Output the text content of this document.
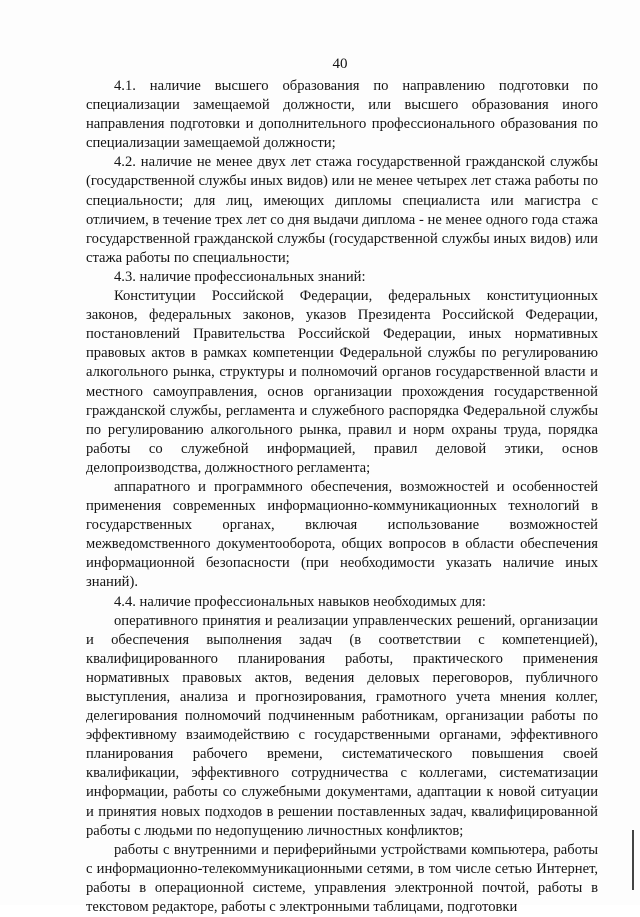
40

4.1. наличие высшего образования по направлению подготовки по специализации замещаемой должности, или высшего образования иного направления подготовки и дополнительного профессионального образования по специализации замещаемой должности;

4.2. наличие не менее двух лет стажа государственной гражданской службы (государственной службы иных видов) или не менее четырех лет стажа работы по специальности; для лиц, имеющих дипломы специалиста или магистра с отличием, в течение трех лет со дня выдачи диплома - не менее одного года стажа государственной гражданской службы (государственной службы иных видов) или стажа работы по специальности;

4.3. наличие профессиональных знаний:

Конституции Российской Федерации, федеральных конституционных законов, федеральных законов, указов Президента Российской Федерации, постановлений Правительства Российской Федерации, иных нормативных правовых актов в рамках компетенции Федеральной службы по регулированию алкогольного рынка, структуры и полномочий органов государственной власти и местного самоуправления, основ организации прохождения государственной гражданской службы, регламента и служебного распорядка Федеральной службы по регулированию алкогольного рынка, правил и норм охраны труда, порядка работы со служебной информацией, правил деловой этики, основ делопроизводства, должностного регламента;

аппаратного и программного обеспечения, возможностей и особенностей применения современных информационно-коммуникационных технологий в государственных органах, включая использование возможностей межведомственного документооборота, общих вопросов в области обеспечения информационной безопасности (при необходимости указать наличие иных знаний).

4.4. наличие профессиональных навыков необходимых для:

оперативного принятия и реализации управленческих решений, организации и обеспечения выполнения задач (в соответствии с компетенцией), квалифицированного планирования работы, практического применения нормативных правовых актов, ведения деловых переговоров, публичного выступления, анализа и прогнозирования, грамотного учета мнения коллег, делегирования полномочий подчиненным работникам, организации работы по эффективному взаимодействию с государственными органами, эффективного планирования рабочего времени, систематического повышения своей квалификации, эффективного сотрудничества с коллегами, систематизации информации, работы со служебными документами, адаптации к новой ситуации и принятия новых подходов в решении поставленных задач, квалифицированной работы с людьми по недопущению личностных конфликтов;

работы с внутренними и периферийными устройствами компьютера, работы с информационно-телекоммуникационными сетями, в том числе сетью Интернет, работы в операционной системе, управления электронной почтой, работы в текстовом редакторе, работы с электронными таблицами, подготовки
